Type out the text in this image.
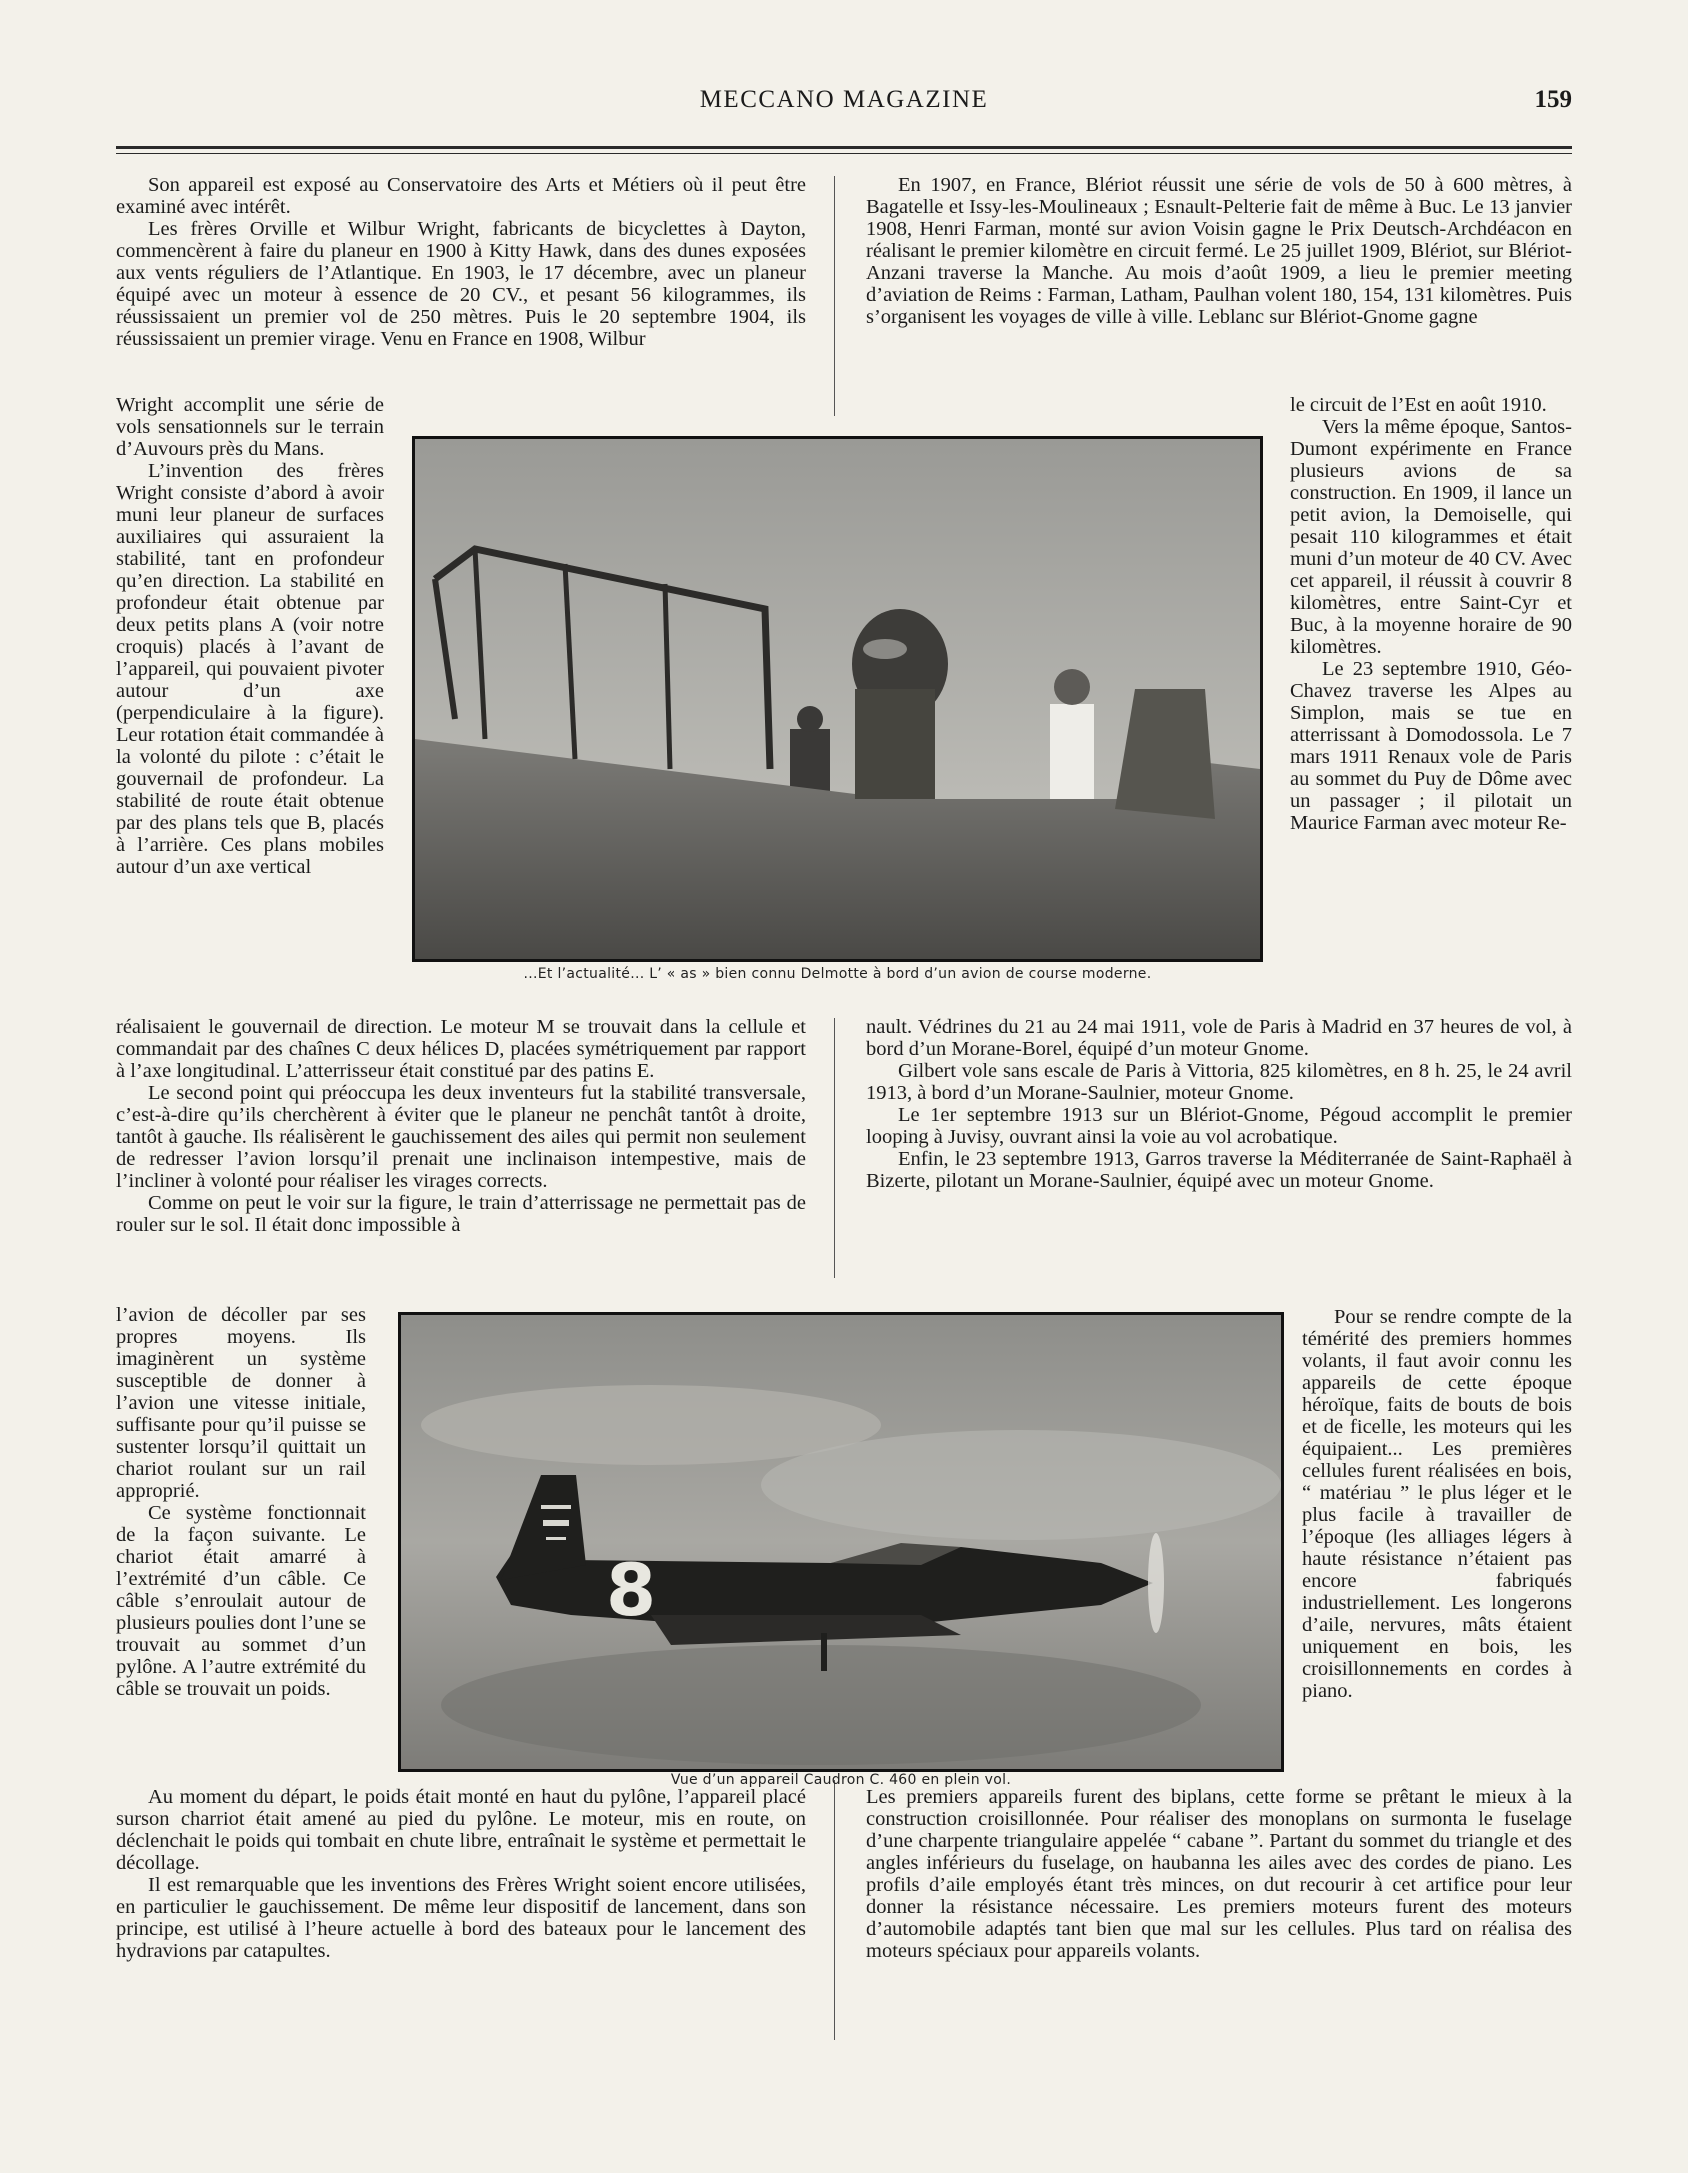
MECCANO MAGAZINE	159

Son appareil est exposé au Conservatoire des Arts et Métiers où il peut être examiné avec intérêt.

Les frères Orville et Wilbur Wright, fabricants de bicyclettes à Dayton, commencèrent à faire du planeur en 1900 à Kitty Hawk, dans des dunes exposées aux vents réguliers de l’Atlantique. En 1903, le 17 décembre, avec un planeur équipé avec un moteur à essence de 20 CV., et pesant 56 kilogrammes, ils réussissaient un premier vol de 250 mètres. Puis le 20 septembre 1904, ils réussissaient un premier virage. Venu en France en 1908, Wilbur

Wright accomplit une série de vols sensationnels sur le terrain d’Auvours près du Mans.

L’invention des frères Wright consiste d’abord à avoir muni leur planeur de surfaces auxiliaires qui assuraient la stabilité, tant en profondeur qu’en direction. La stabilité en profondeur était obtenue par deux petits plans A (voir notre croquis) placés à l’avant de l’appareil, qui pouvaient pivoter autour d’un axe (perpendiculaire à la figure). Leur rotation était commandée à la volonté du pilote : c’était le gouvernail de profondeur. La stabilité de route était obtenue par des plans tels que B, placés à l’arrière. Ces plans mobiles autour d’un axe vertical

réalisaient le gouvernail de direction. Le moteur M se trouvait dans la cellule et commandait par des chaînes C deux hélices D, placées symétriquement par rapport à l’axe longitudinal. L’atterrisseur était constitué par des patins E.

Le second point qui préoccupa les deux inventeurs fut la stabilité transversale, c’est-à-dire qu’ils cherchèrent à éviter que le planeur ne penchât tantôt à droite, tantôt à gauche. Ils réalisèrent le gauchissement des ailes qui permit non seulement de redresser l’avion lorsqu’il prenait une inclinaison intempestive, mais de l’incliner à volonté pour réaliser les virages corrects.

Comme on peut le voir sur la figure, le train d’atterrissage ne permettait pas de rouler sur le sol. Il était donc impossible à

l’avion de décoller par ses propres moyens. Ils imaginèrent un système susceptible de donner à l’avion une vitesse initiale, suffisante pour qu’il puisse se sustenter lorsqu’il quittait un chariot roulant sur un rail approprié.

Ce système fonctionnait de la façon suivante. Le chariot était amarré à l’extrémité d’un câble. Ce câble s’enroulait autour de plusieurs poulies dont l’une se trouvait au sommet d’un pylône. A l’autre extrémité du câble se trouvait un poids.

Au moment du départ, le poids était monté en haut du pylône, l’appareil placé surson charriot était amené au pied du pylône. Le moteur, mis en route, on déclenchait le poids qui tombait en chute libre, entraînait le système et permettait le décollage.

Il est remarquable que les inventions des Frères Wright soient encore utilisées, en particulier le gauchissement. De même leur dispositif de lancement, dans son principe, est utilisé à l’heure actuelle à bord des bateaux pour le lancement des hydravions par catapultes.

En 1907, en France, Blériot réussit une série de vols de 50 à 600 mètres, à Bagatelle et Issy-les-Moulineaux ; Esnault-Pelterie fait de même à Buc. Le 13 janvier 1908, Henri Farman, monté sur avion Voisin gagne le Prix Deutsch-Archdéacon en réalisant le premier kilomètre en circuit fermé. Le 25 juillet 1909, Blériot, sur Blériot-Anzani traverse la Manche. Au mois d’août 1909, a lieu le premier meeting d’aviation de Reims : Farman, Latham, Paulhan volent 180, 154, 131 kilomètres. Puis s’organisent les voyages de ville à ville. Leblanc sur Blériot-Gnome gagne

le circuit de l’Est en août 1910.

Vers la même époque, Santos-Dumont expérimente en France plusieurs avions de sa construction. En 1909, il lance un petit avion, la Demoiselle, qui pesait 110 kilogrammes et était muni d’un moteur de 40 CV. Avec cet appareil, il réussit à couvrir 8 kilomètres, entre Saint-Cyr et Buc, à la moyenne horaire de 90 kilomètres.

Le 23 septembre 1910, Géo-Chavez traverse les Alpes au Simplon, mais se tue en atterrissant à Domodossola. Le 7 mars 1911 Renaux vole de Paris au sommet du Puy de Dôme avec un passager ; il pilotait un Maurice Farman avec moteur Re-

nault. Védrines du 21 au 24 mai 1911, vole de Paris à Madrid en 37 heures de vol, à bord d’un Morane-Borel, équipé d’un moteur Gnome.

Gilbert vole sans escale de Paris à Vittoria, 825 kilomètres, en 8 h. 25, le 24 avril 1913, à bord d’un Morane-Saulnier, moteur Gnome.

Le 1er septembre 1913 sur un Blériot-Gnome, Pégoud accomplit le premier looping à Juvisy, ouvrant ainsi la voie au vol acrobatique.

Enfin, le 23 septembre 1913, Garros traverse la Méditerranée de Saint-Raphaël à Bizerte, pilotant un Morane-Saulnier, équipé avec un moteur Gnome.

Pour se rendre compte de la témérité des premiers hommes volants, il faut avoir connu les appareils de cette époque héroïque, faits de bouts de bois et de ficelle, les moteurs qui les équipaient... Les premières cellules furent réalisées en bois, “ matériau ” le plus léger et le plus facile à travailler de l’époque (les alliages légers à haute résistance n’étaient pas encore fabriqués industriellement. Les longerons d’aile, nervures, mâts étaient uniquement en bois, les croisillonnements en cordes à piano.

Les premiers appareils furent des biplans, cette forme se prêtant le mieux à la construction croisillonnée. Pour réaliser des monoplans on surmonta le fuselage d’une charpente triangulaire appelée “ cabane ”. Partant du sommet du triangle et des angles inférieurs du fuselage, on haubanna les ailes avec des cordes de piano. Les profils d’aile employés étant très minces, on dut recourir à cet artifice pour leur donner la résistance nécessaire. Les premiers moteurs furent des moteurs d’automobile adaptés tant bien que mal sur les cellules. Plus tard on réalisa des moteurs spéciaux pour appareils volants.

...Et l’actualité... L’ « as » bien connu Delmotte à bord d’un avion de course moderne.
8
Vue d’un appareil Caudron C. 460 en plein vol.
